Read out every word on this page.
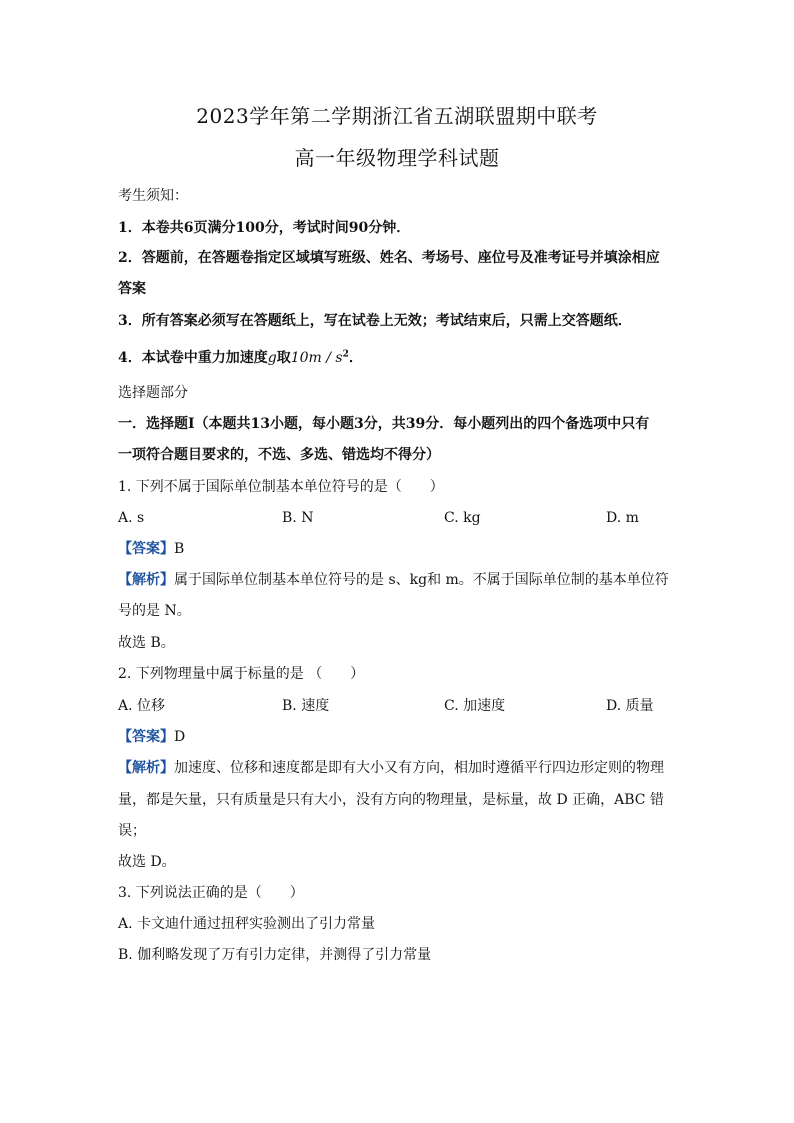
2023学年第二学期浙江省五湖联盟期中联考
高一年级物理学科试题
考生须知：
1．本卷共6页满分100分，考试时间90分钟．
2．答题前，在答题卷指定区域填写班级、姓名、考场号、座位号及准考证号并填涂相应
答案
3．所有答案必须写在答题纸上，写在试卷上无效；考试结束后，只需上交答题纸．
4．本试卷中重力加速度g取$10m / s^2$．
选择题部分
一．选择题Ⅰ（本题共13小题，每小题3分，共39分．每小题列出的四个备选项中只有
一项符合题目要求的，不选、多选、错选均不得分）
1. 下列不属于国际单位制基本单位符号的是（　　）
A. s	B. N	C. kg	D. m
【答案】B
【解析】属于国际单位制基本单位符号的是 s、kg和 m。不属于国际单位制的基本单位符
号的是 N。
故选 B。
2. 下列物理量中属于标量的是 （　　）
A. 位移	B. 速度	C. 加速度	D. 质量
【答案】D
【解析】加速度、位移和速度都是即有大小又有方向，相加时遵循平行四边形定则的物理
量，都是矢量，只有质量是只有大小，没有方向的物理量，是标量，故 D 正确，ABC 错
误；
故选 D。
3. 下列说法正确的是（　　）
A. 卡文迪什通过扭秤实验测出了引力常量
B. 伽利略发现了万有引力定律，并测得了引力常量
